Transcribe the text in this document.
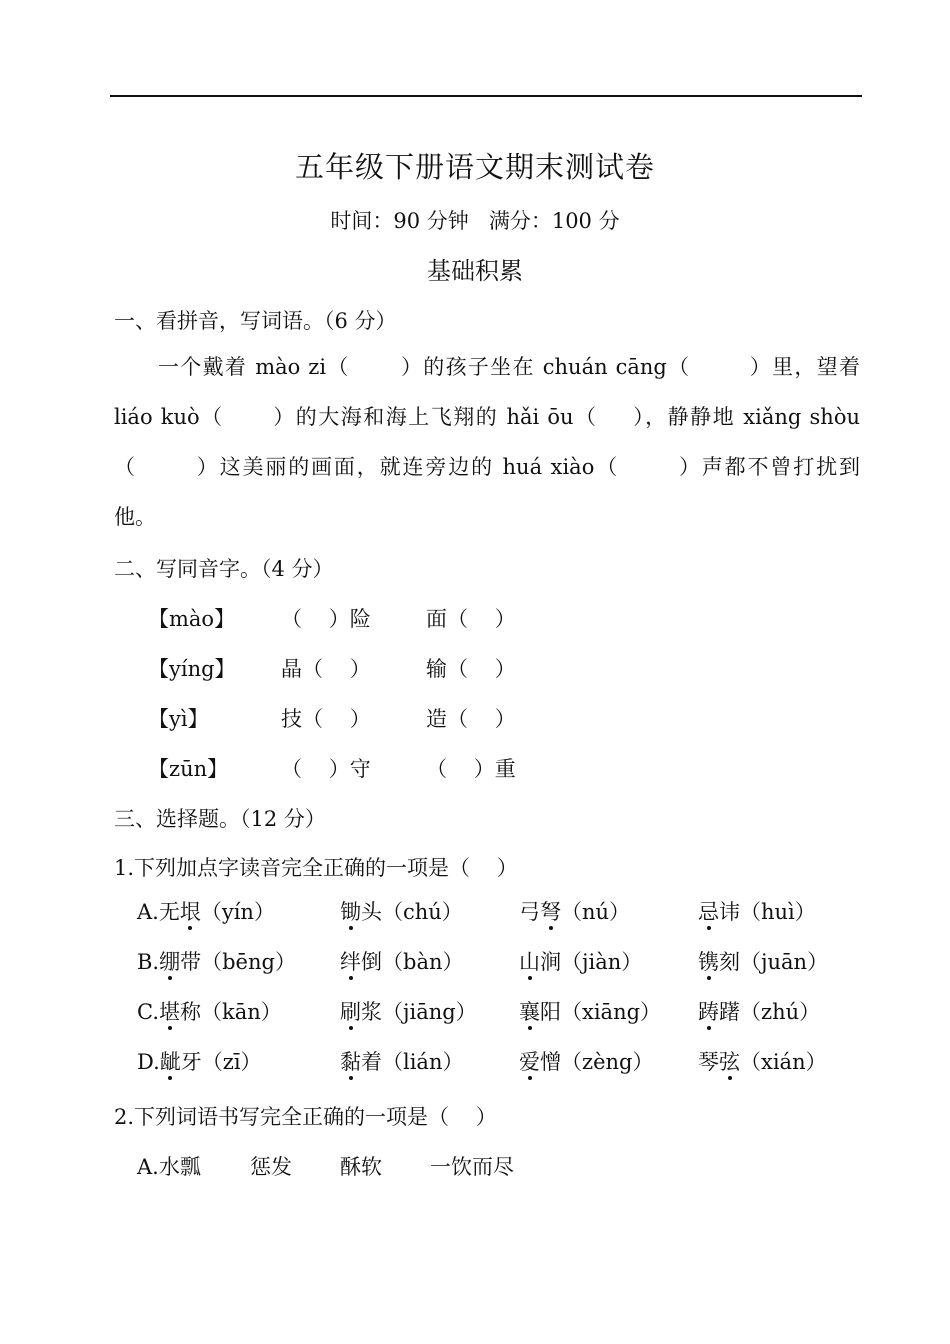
五年级下册语文期末测试卷
时间：90 分钟   满分：100 分
基础积累
一、看拼音，写词语。（6 分）
一个戴着 mào zi（ ）的孩子坐在 chuán cāng（	）里，望着
liáo kuò（ ）的大海和海上飞翔的 hǎi ōu（ ），静静地 xiǎng shòu
（	）这美丽的画面，就连旁边的 huá xiào（	）声都不曾打扰到
他。
二、写同音字。（4 分）
【mào】 （    ）险	面（    ）
【yíng】 晶（    ）	输（    ）
【yì】	技（    ）	造（    ）
【zūn】	（    ）守	（    ）重
三、选择题。（12 分）
1.下列加点字读音完全正确的一项是（    ）
A.无垠（yín）	锄头（chú）	弓弩（nú）	忌讳（huì）
B.绷带（bēng） 绊倒（bàn）	山涧（jiàn）	镌刻（juān）
C.堪称（kān）	刷浆（jiāng） 襄阳（xiāng） 踌躇（zhú）
D.龇牙（zī）	黏着（lián）	爱憎（zèng） 琴弦（xián）
2.下列词语书写完全正确的一项是（    ）
A.水瓢 惩发 酥软 一饮而尽
